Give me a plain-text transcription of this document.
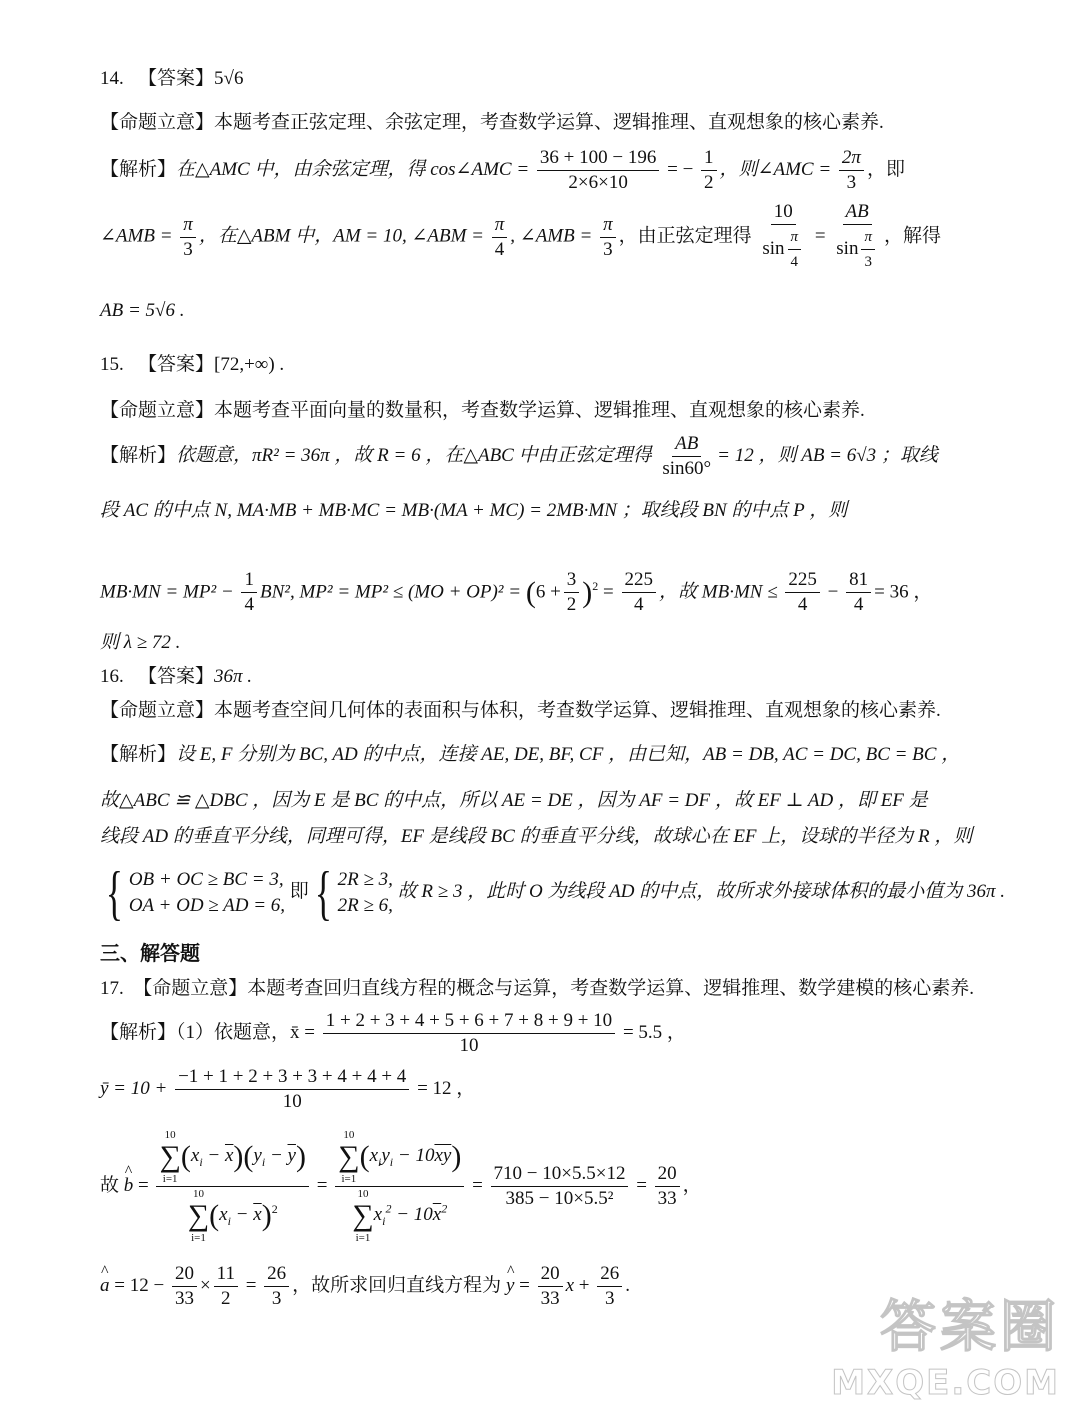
14. 【答案】5√6
【命题立意】本题考查正弦定理、余弦定理，考查数学运算、逻辑推理、直观想象的核心素养.
【解析】在△AMC 中，由余弦定理，得 cos∠AMC = $\frac{36 + 100 - 196}{2\times 6\times 10}$ = − $\frac{1}{2}$ ，则∠AMC = $\frac{2\pi}{3}$ ，即
∠AMB = $\frac{\pi}{3}$ ，在△ABM 中，AM = 10, ∠ABM = $\frac{\pi}{4}$ , ∠AMB = $\frac{\pi}{3}$ ，由正弦定理得 $\frac{10}{\sin \frac{\pi}{4}} = \frac{AB}{\sin \frac{\pi}{3}}$ ，解得
AB = 5√6 .
15. 【答案】[72,+∞) .
【命题立意】本题考查平面向量的数量积，考查数学运算、逻辑推理、直观想象的核心素养.
【解析】依题意，πR² = 36π ，故 R = 6 ，在△ABC 中由正弦定理得 $\frac{AB}{\sin 60^\circ} = 12$ ，则 AB = 6√3 ；取线
段 AC 的中点 N, MA·MB + MB·MC = MB·(MA + MC) = 2MB·MN ；取线段 BN 的中点 P ，则
$MB\cdot MN = MP^2 - \frac{1}{4} BN^2$, $MP^2 = MP^2 \le (MO + OP)^2 = (6 + \frac{3}{2} )^2 = \frac{225}{4}$ ，故 $MB\cdot MN \le \frac{225}{4} - \frac{81}{4} = 36$ ，
则 λ ≥ 72 .
16. 【答案】36π .
【命题立意】本题考查空间几何体的表面积与体积，考查数学运算、逻辑推理、直观想象的核心素养.
【解析】设 E, F 分别为 BC, AD 的中点，连接 AE, DE, BF, CF ，由已知，AB = DB, AC = DC, BC = BC ，
故△ABC ≌ △DBC ，因为 E 是 BC 的中点，所以 AE = DE ，因为 AF = DF ，故 EF ⊥ AD ，即 EF 是
线段 AD 的垂直平分线，同理可得，EF 是线段 BC 的垂直平分线，故球心在 EF 上，设球的半径为 R ，则
{ OB + OC ≥ BC = 3,
OA + OD ≥ AD = 6,
即{ 2R ≥ 3,
2R ≥ 6,
故 R ≥ 3 ，此时 O 为线段 AD 的中点，故所求外接球体积的最小值为 36π .
三、解答题
17. 【命题立意】本题考查回归直线方程的概念与运算，考查数学运算、逻辑推理、数学建模的核心素养.
【解析】（1）依题意，x̄ = $\frac{1 + 2 + 3 + 4 + 5 + 6 + 7 + 8 + 9 + 10}{10} = 5.5$ ，
ȳ = $10 + \frac{-1 + 1 + 2 + 3 + 3 + 4 + 4 + 4}{10} = 12$ ，
故 ^ b = 10
∑
i=1
$(x_i - \overline{x})(y_i - \overline{y})$
10
∑
i=1
$(x_i - \overline{x})^2 = 10$
∑
i=1
$(x_iy_i - 10\overline{xy})$
10
∑
i=1
$x_i^2 - 10\overline{x}^2 = \frac{710 - 10\times 5.5\times 12}{\text{385 − 10×5.5²}} = \frac{20}{33}$ ，
^ $a = 12 - \frac{20}{33} \times \frac{11}{2} = \frac{26}{3}$ ，故所求回归直线方程为 ^ $y = \frac{20}{33}$ $x + \frac{26}{3}$ .
答案圈
MXQE.COM
